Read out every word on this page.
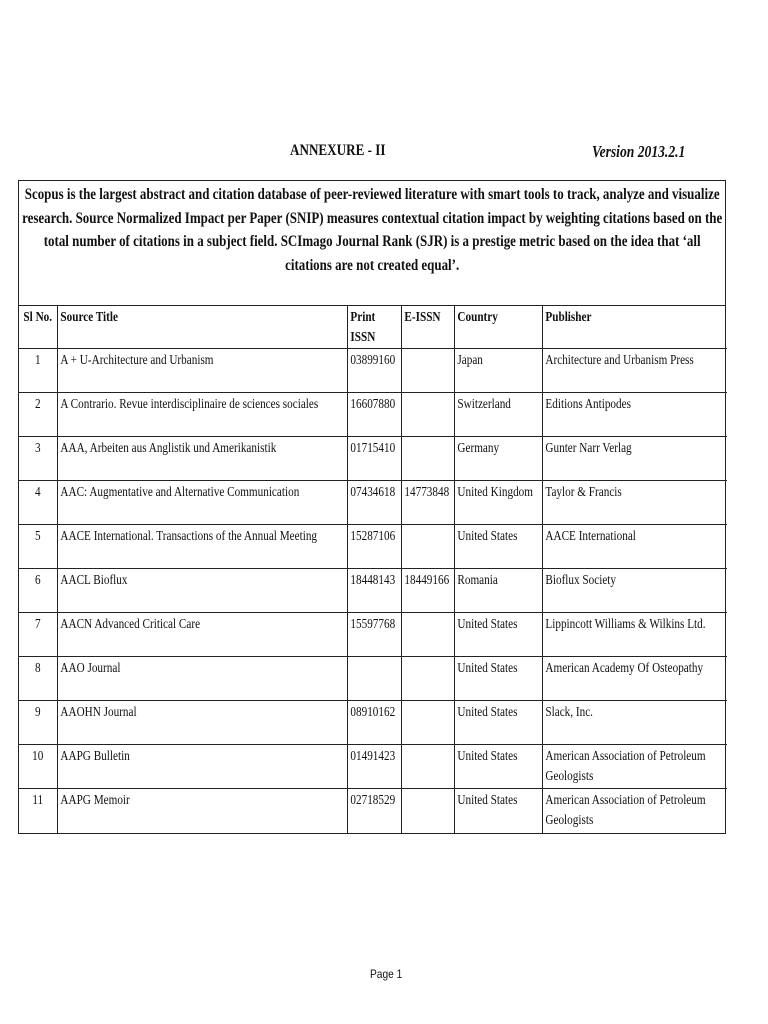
ANNEXURE - II	Version 2013.2.1
Scopus is the largest abstract and citation database of peer-reviewed literature with smart tools to track, analyze and visualize research. Source Normalized Impact per Paper (SNIP) measures contextual citation impact by weighting citations based on the total number of citations in a subject field. SCImago Journal Rank (SJR) is a prestige metric based on the idea that ‘all citations are not created equal’.
Sl No.	Source Title	Print ISSN	E-ISSN	Country	Publisher

1	A + U-Architecture and Urbanism	03899160		Japan	Architecture and Urbanism Press

2	A Contrario. Revue interdisciplinaire de sciences sociales	16607880		Switzerland	Editions Antipodes

3	AAA, Arbeiten aus Anglistik und Amerikanistik	01715410		Germany	Gunter Narr Verlag

4	AAC: Augmentative and Alternative Communication	07434618	14773848	United Kingdom	Taylor & Francis

5	AACE International. Transactions of the Annual Meeting	15287106		United States	AACE International

6	AACL Bioflux	18448143	18449166	Romania	Bioflux Society

7	AACN Advanced Critical Care	15597768		United States	Lippincott Williams & Wilkins Ltd.

8	AAO Journal			United States	American Academy Of Osteopathy

9	AAOHN Journal	08910162		United States	Slack, Inc.

10	AAPG Bulletin	01491423		United States	American Association of Petroleum Geologists

11	AAPG Memoir	02718529		United States	American Association of Petroleum Geologists
Page 1
